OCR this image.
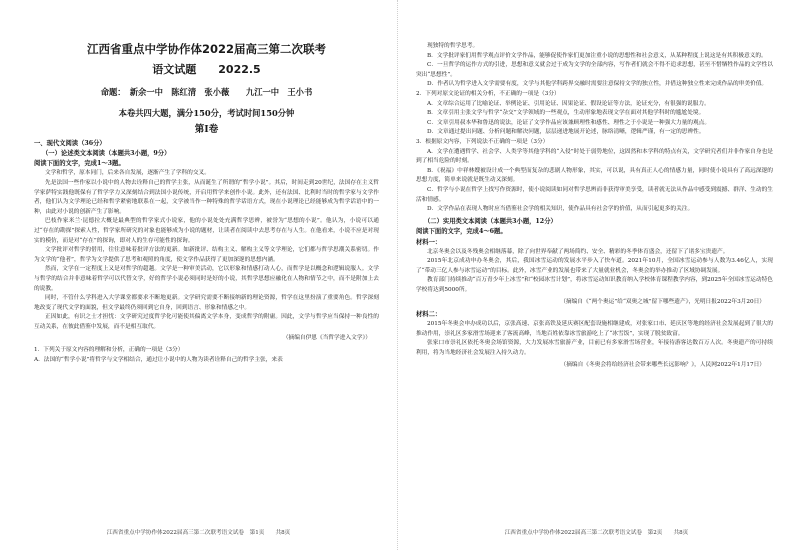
江西省重点中学协作体2022届高三第二次联考
语文试题　　2022.5
命题：　新余一中　陈红清　张小薇　　九江一中　王小书
本卷共四大题，满分150分，考试时间150分钟
第Ⅰ卷
一、现代文阅读（36分）
（一）论述类文本阅读（本题共3小题，9分）
阅读下面的文字，完成1～3题。

文学和哲学，原本同门，后来各自发展，逐渐产生了学科的交叉。

先是法国一些作家以小说中的人物去诠释自己的哲学主张，从而诞生了所谓的“哲学小说”。其后，时间走到20世纪，法国存在主义哲学家萨特实践他既保有了哲学学力又深刻结合到法国小说传统，开启用哲学来创作小说。此外，还有法国、比利时当时的哲学家与文学作者，他们认为文学理论已经和哲学紧密地联系在一起，文学被当作一种特殊的哲学话语方式，现在小说理论已经能够成为哲学话语中的一种，由此对小说的创新产生了影响。

巴枝作家米兰·昆德拉大概是最典型的哲学家式小说家，他的小说处处充满哲学思辨，被誉为“思想的小说”。他认为，小说可以通过“存在的勘探”探索人性，哲学家所研究的对象也能够成为小说的题材，让读者在阅读中去思考存在与人生。在他看来，小说不应是对现实的模仿，而是对“存在”的探询，即对人的生存可能性的探询。

文学批评对哲学的借用，往往意味着批评方法的更新。如新批评、结构主义、解构主义等文学理论，它们都与哲学思潮关系密切。作为文学的“他者”，哲学为文学提供了思考和观照的角度，使文学作品获得了更加深邃的思想内涵。

然而，文学在一定程度上又是对哲学的超越。文学是一种审美活动，它以形象和情感打动人心，而哲学是以概念和逻辑说服人。文学与哲学的结合并非意味着哲学可以代替文学，好的哲学小说必须同时是好的小说，其哲学思想应融化在人物和情节之中，而不是附加上去的说教。

同时，不管什么学科进入大学课堂都要求不断地更新。文学研究需要不断接纳新的理论资源，哲学在这里扮演了重要角色。哲学深刻地改变了现代文学的面貌，但文学最终仍须回到它自身，回到语言、形象和情感之中。

正因如此，有识之士才担忧：文学研究过度哲学化可能使其偏离文学本身，变成哲学的附庸。因此，文学与哲学应当保持一种良性的互动关系，在彼此借鉴中发展，而不是相互取代。

（摘编自伊恩《当哲学进入文学》）

1．下列关于原文内容的理解和分析，正确的一项是（3分）

A．法国的“哲学小说”将哲学与文学相结合，通过让小说中的人物为读者诠释自己的哲学主张，来表

江西省重点中学协作体2022届高三第二次联考语文试卷　第1页　　共8页

现独特的哲学思考。

B．文学批评家们用哲学观点评价文学作品，能够促使作家们更加注重小说的思想性和社会意义，从某种程度上说这是有其积极意义的。

C．一旦哲学的运作方式的引进，思想和意义就会过于成为文学的全部内容，写作者们就会不得不追求思想，甚至不惜牺牲作品的文学性以突出“思想性”。

D．作者认为哲学进入文学需要有度，文学与其他学科跨界交融时需要注意保持文学的独立性，并借这种独立性来完成作品的审美价值。

2．下列对原文论证的相关分析，不正确的一项是（3分）

A．文章综合运用了比喻论证、举例论证、引用论证、因果论证、假设论证等方法，论证充分，有很强的说服力。

B．文章引用主张文学与哲学“杂交”文学领域的一些观点，生动形象地表现文学在面对其他学科时的尴尬处境。

C．文章引用叔本华和鲁迅的说法，论证了文学作品应该兼顾理性和感性、理性之于小说是一种强大力量的观点。

D．文章通过提出问题、分析问题和解决问题，层层递进地展开论述，脉络清晰，逻辑严谨，有一定的思辨性。

3．根据原文内容，下列说法不正确的一项是（3分）

A．文学在遭遇哲学、社会学、人类学等其他学科的“入侵”时处于弱势地位，这固然和本学科的特点有关，文学研究者们并非作家自身也是到了相当危险的时刻。

B．《祝福》中祥林嫂被设计成一个典型而复杂的悲剧人物形象，其实，可以说，具有真正人心的情感力量，同时使小说具有了高远深邃的思想力度，简单来说就是既生动又深刻。

C．哲学与小说在哲学上找写作资源时，使小说阅读如同对哲学思辨而非获得审美享受，读者就无法从作品中感受到震撼、群洋、生动的生活和情感。

D．文学作品在表现人物时应当借鉴社会学的相关知识，使作品具有社会学的价值，从而引起更多的关注。

（二）实用类文本阅读（本题共3小题，12分）
阅读下面的文字，完成4～6题。
材料一：

北京冬奥会以及冬残奥会相继落幕，除了向世界奉献了两场简约、安全、精彩的冬季体育盛会，还留下了诸多宝贵遗产。

2015年北京成功申办冬奥会，其后，我国冰雪运动的发展水平步入了快车道。2021年10月，全国冰雪运动参与人数为3.46亿人，实现了“带动三亿人参与冰雪运动”的目标。此外，冰雪产业的发展也带来了大量就业机会，冬奥会的举办推动了区域协调发展。

教育部门持续推动“百万青少年上冰雪”和“校园冰雪计划”，将冰雪运动知识教育纳入学校体育课程教学内容，到2025年全国冰雪运动特色学校将达到5000所。

（摘编自《“两个奥运”给“双奥之城”留下哪些遗产》，光明日报2022年3月20日）
材料二：

2015年冬奥会申办成功以后，京张高速、京张高铁及延庆赛区配套设施相继建成，对张家口市、延庆区等地的经济社会发展起到了很大的推动作用，崇礼区多家滑雪场迎来了客流高峰，当地百姓依靠冰雪旅游吃上了“冰雪饭”，实现了脱贫致富。

张家口市崇礼区依托冬奥会场馆资源，大力发展冰雪旅游产业，目前已有多家滑雪场营业，年接待游客达数百万人次。冬奥遗产的可持续利用，将为当地经济社会发展注入持久动力。

（摘编自《冬奥会将给经济社会带来哪些长远影响？》，人民网2022年1月17日）
江西省重点中学协作体2022届高三第二次联考语文试卷　第2页　　共8页
